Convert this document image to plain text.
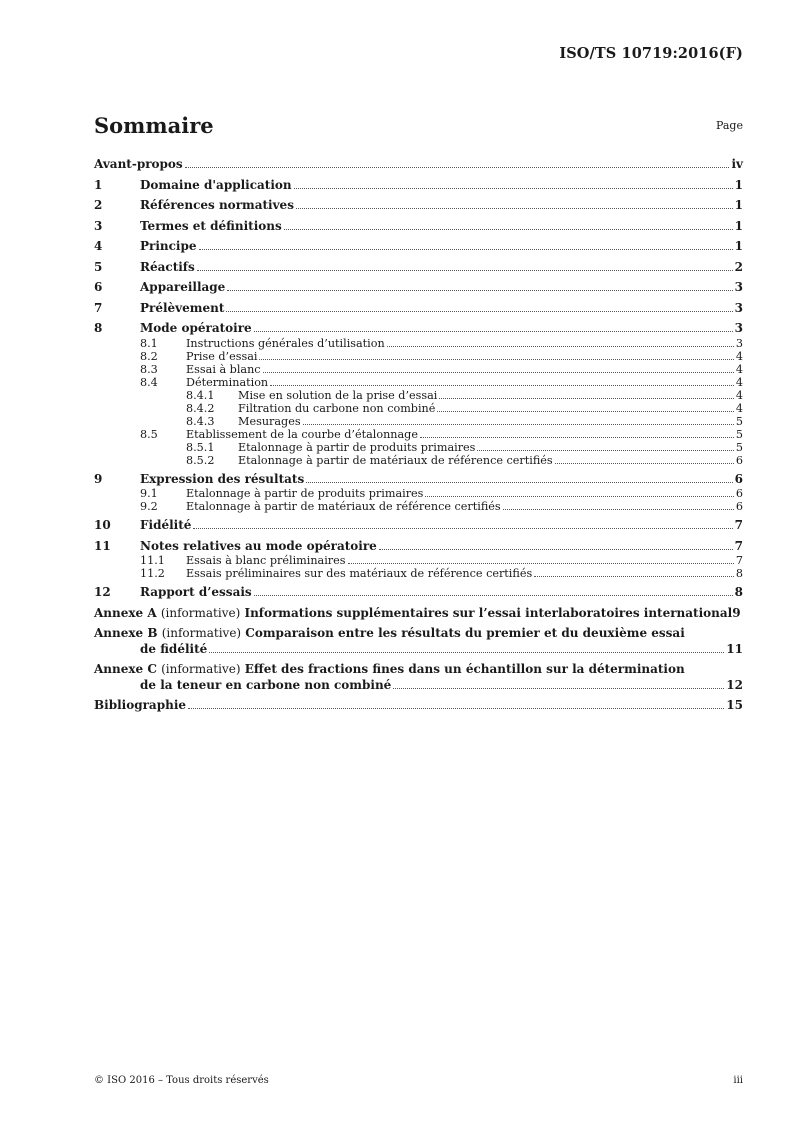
ISO/TS 10719:2016(F)
Sommaire	Page
Avant-propos	iv
1	Domaine d'application	1
2	Références normatives	1
3	Termes et définitions	1
4	Principe	1
5	Réactifs	2
6	Appareillage	3
7	Prélèvement	3
8	Mode opératoire	3
8.1	Instructions générales d’utilisation	3
8.2	Prise d’essai	4
8.3	Essai à blanc	4
8.4	Détermination	4
8.4.1	Mise en solution de la prise d’essai	4
8.4.2	Filtration du carbone non combiné	4
8.4.3	Mesurages	5
8.5	Etablissement de la courbe d’étalonnage	5
8.5.1	Etalonnage à partir de produits primaires	5
8.5.2	Etalonnage à partir de matériaux de référence certifiés	6
9	Expression des résultats	6
9.1	Etalonnage à partir de produits primaires	6
9.2	Etalonnage à partir de matériaux de référence certifiés	6
10	Fidélité	7
11	Notes relatives au mode opératoire	7
11.1	Essais à blanc préliminaires	7
11.2	Essais préliminaires sur des matériaux de référence certifiés	8
12	Rapport d’essais	8
Annexe A (informative) Informations supplémentaires sur l’essai interlaboratoires international 9
Annexe B (informative) Comparaison entre les résultats du premier et du deuxième essai
de fidélité	11
Annexe C (informative) Effet des fractions fines dans un échantillon sur la détermination
de la teneur en carbone non combiné	12
Bibliographie	15
© ISO 2016 – Tous droits réservés	iii
